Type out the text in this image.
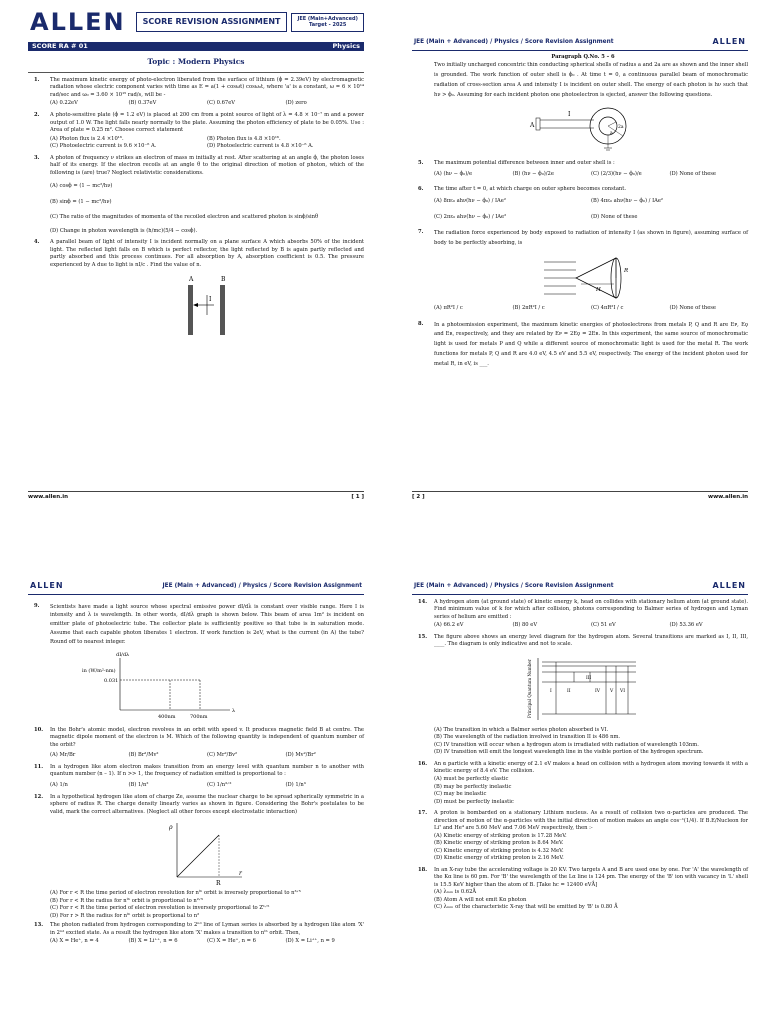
ALLEN	SCORE REVISION ASSIGNMENT	JEE (Main+Advanced)
Target - 2025
SCORE RA # 01	Physics
Topic : Modern Physics
1.	The maximum kinetic energy of photo-electron liberated from the surface of lithium (ϕ = 2.39eV) by electromagnetic radiation whose electric component varies with time as E = a(1 + cosωt) cosω₀t, where 'a' is a constant, ω = 6 × 10¹⁴ rad/sec and ω₀ = 3.60 × 10¹⁵ rad/s, will be -
(A) 0.22eV	(B) 0.37eV	(C) 0.67eV	(D) zero
2.	A photo-sensitive plate (ϕ = 1.2 eV) is placed at 200 cm from a point source of light of λ = 4.8 × 10⁻⁷ m and a power output of 1.0 W. The light falls nearly normally to the plate. Assuming the photon efficiency of plate to be 0.05%. Use : Area of plate = 0.25 m². Choose correct statement
(A) Photon flux is 2.4 ×10¹⁶.	(B) Photon flux is 4.8 ×10¹⁶.
(C) Photoelectric current is 9.6 ×10⁻⁶ A.	(D) Photoelectric current is 4.8 ×10⁻⁶ A.
3.	A photon of frequency ν strikes an electron of mass m initially at rest. After scattering at an angle ϕ, the photon loses half of its energy. If the electron recoils at an angle θ to the original direction of motion of photon, which of the following is (are) true? Neglect relativistic considerations.
(A) cosϕ = (1 − mc²/hν)
(B) sinϕ = (1 − mc²/hν)
(C) The ratio of the magnitudes of momenta of the recoiled electron and scattered photon is sinϕ/sinθ
(D) Change in photon wavelength is (h/mc)(5/4 − cosϕ).
4.	A parallel beam of light of intensity I is incident normally on a plane surface A which absorbs 50% of the incident light. The reflected light falls on B which is perfect reflector, the light reflected by B is again partly reflected and partly absorbed and this process continues. For all absorption by A, absorption coefficient is 0.5. The pressure experienced by A due to light is nI/c . Find the value of n.
A	B
I
www.allen.in	[ 1 ]
JEE (Main + Advanced) / Physics / Score Revision Assignment	ALLEN
Paragraph Q.No. 5 – 6
Two initially uncharged concentric thin conducting spherical shells of radius a and 2a are as shown and the inner shell is grounded. The work function of outer shell is ϕ₀ . At time t = 0, a continuous parallel beam of monochromatic radiation of cross-section area A and intensity I is incident on outer shell. The energy of each photon is hν such that hν > ϕ₀. Assuming for each incident photon one photoelectron is ejected, answer the following questions.
A
I
a
2a
5.	The maximum potential difference between inner and outer shell is :
(A) (hν − ϕ₀)/e	(B) (hν − ϕ₀)/2e	(C) (2/3)(hν − ϕ₀)/e	(D) None of these
6.	The time after t = 0, at which charge on outer sphere becomes constant.
(A) 8πε₀ ahν(hν − ϕ₀) / IAe²	(B) 4πε₀ ahν(hν − ϕ₀) / IAe²
(C) 2πε₀ ahν(hν − ϕ₀) / IAe²	(D) None of these
7.	The radiation force experienced by body exposed to radiation of intensity I (as shown in figure), assuming surface of body to be perfectly absorbing, is
R
H
(A) πR²I / c	(B) 2πR²I / c	(C) 4πR²I / c	(D) None of these
8.	In a photoemission experiment, the maximum kinetic energies of photoelectrons from metals P, Q and R are Eᴘ, Eǫ and Eʀ, respectively, and they are related by Eᴘ = 2Eǫ = 2Eʀ. In this experiment, the same source of monochromatic light is used for metals P and Q while a different source of monochromatic light is used for the metal R. The work functions for metals P, Q and R are 4.0 eV, 4.5 eV and 5.5 eV, respectively. The energy of the incident photon used for metal R, in eV, is ___.
[ 2 ]	www.allen.in
ALLEN	JEE (Main + Advanced) / Physics / Score Revision Assignment
9.	Scientists have made a light source whose spectral emissive power dI/dλ is constant over visible range. Here I is intensity and λ is wavelength. In other words, dI/dλ graph is shown below. This beam of area 1m² is incident on emitter plate of photoelectric tube. The collector plate is sufficiently positive so that tube is in saturation mode. Assume that each capable photon liberates 1 electron. If work function is 2eV, what is the current (in A) the tube? Round off to nearest integer.
dI/dλ
in (W/m²-nm)
λ
0.031
400nm	700nm
10.	In the Bohr's atomic model, electron revolves in an orbit with speed v. It produces magnetic field B at centre. The magnetic dipole moment of the electron is M. Which of the following quantity is independent of quantum number of the orbit?
(A) Mr/Br	(B) Br²/Mv²	(C) Mr²/Bv²	(D) Mv²/Br²
11.	In a hydrogen like atom electron makes transition from an energy level with quantum number n to another with quantum number (n – 1). If n >> 1, the frequency of radiation emitted is proportional to :
(A) 1/n	(B) 1/n²	(C) 1/n³ᐟ²	(D) 1/n³
12.	In a hypothetical hydrogen like atom of charge Ze, assume the nuclear charge to be spread spherically symmetric in a sphere of radius R. The charge density linearly varies as shown in figure. Considering the Bohr's postulates to be valid, mark the correct alternatives. (Neglect all other forces except electrostatic interaction)
ρ
R
r
(A) For r < R the time period of electron revolution for nᵗʰ orbit is inversely proportional to n³ᐟ⁵
(B) For r < R the radius for nᵗʰ orbit is proportional to n²ᐟ⁵
(C) For r < R the time period of electron revolution is inversely proportional to Z¹ᐟ⁵
(D) For r > R the radius for nᵗʰ orbit is proportional to n²
13.	The photon radiated from hydrogen corresponding to 2ⁿᵈ line of Lyman series is absorbed by a hydrogen like atom 'X' in 2ⁿᵈ excited state. As a result the hydrogen like atom 'X' makes a transition to nᵗʰ orbit. Then,
(A) X = He⁺, n = 4	(B) X = Li⁺⁺, n = 6	(C) X = He⁺, n = 6	(D) X = Li⁺⁺, n = 9
JEE (Main + Advanced) / Physics / Score Revision Assignment	ALLEN
14.	A hydrogen atom (at ground state) of kinetic energy k, head on collides with stationary helium atom (at ground state). Find minimum value of k for which after collision, photons corresponding to Balmer series of hydrogen and Lyman series of helium are emitted :
(A) 66.2 eV	(B) 80 eV	(C) 51 eV	(D) 53.36 eV
15.	The figure above shows an energy level diagram for the hydrogen atom. Several transitions are marked as I, II, III, ____. The diagram is only indicative and not to scale.
Principal Quantum Number	I	II
III
IV V VI
(A) The transition in which a Balmer series photon absorbed is VI.
(B) The wavelength of the radiation involved in transition II is 486 nm.
(C) IV transition will occur when a hydrogen atom is irradiated with radiation of wavelength 103nm.
(D) IV transition will emit the longest wavelength line in the visible portion of the hydrogen spectrum.
16.	An α particle with a kinetic energy of 2.1 eV makes a head on collision with a hydrogen atom moving towards it with a kinetic energy of 8.4 eV. The collision.
(A) must be perfectly elastic
(B) may be perfectly inelastic
(C) may be inelastic
(D) must be perfectly inelastic
17.	A proton is bombarded on a stationary Lithium nucleus. As a result of collision two α-particles are produced. The direction of motion of the α-particles with the initial direction of motion makes an angle cos⁻¹(1/4). If B.E/Nucleon for Li⁷ and He⁴ are 5.60 MeV and 7.06 MeV respectively, then :-
(A) Kinetic energy of striking proton is 17.28 MeV.
(B) Kinetic energy of striking proton is 8.64 MeV.
(C) Kinetic energy of striking proton is 4.32 MeV.
(D) Kinetic energy of striking proton is 2.16 MeV.
18.	In an X-ray tube the accelerating voltage is 20 KV. Two targets A and B are used one by one. For 'A' the wavelength of the Kα line is 60 pm. For 'B' the wavelength of the Lα line is 124 pm. The energy of the 'B' ion with vacancy in 'L' shell is 15.5 KeV higher than the atom of B. [Take hc = 12400 eVÅ]
(A) λₘᵢₙ is 0.62Å
(B) Atom A will not emit Kα photon
(C) λₘᵢₙ of the characteristic X-ray that will be emitted by 'B' is 0.80 Å
